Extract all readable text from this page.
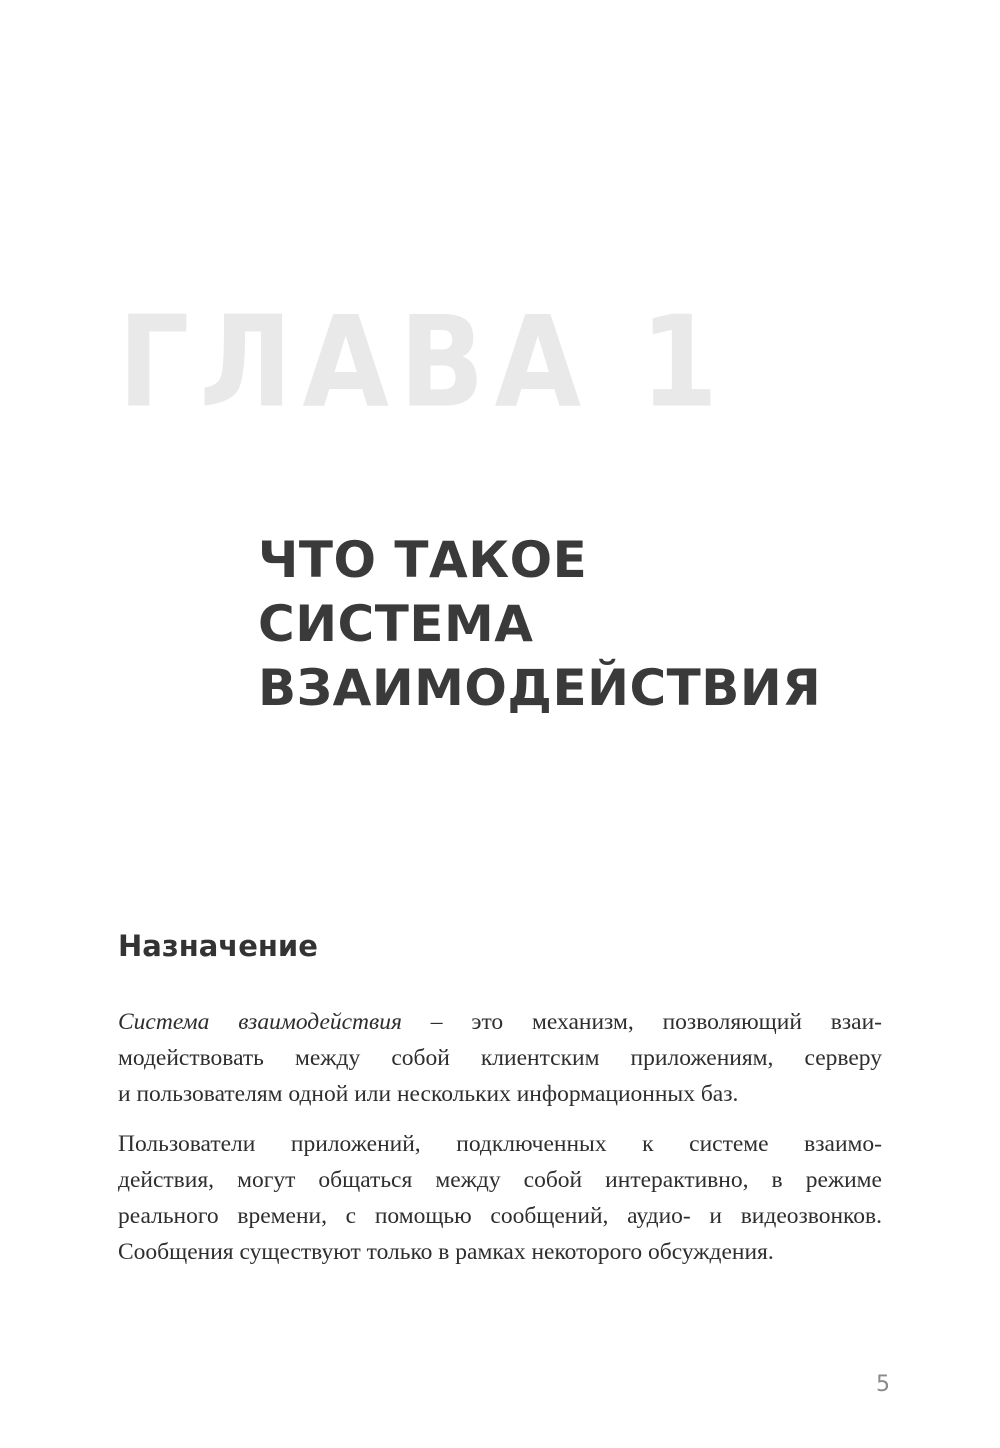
ГЛАВА 1
ЧТО ТАКОЕ
СИСТЕМА
ВЗАИМОДЕЙСТВИЯ
Назначение

Система взаимодействия – это механизм, позволяющий взаи-
модействовать между собой клиентским приложениям, серверу
и пользователям одной или нескольких информационных баз.

Пользователи приложений, подключенных к системе взаимо-
действия, могут общаться между собой интерактивно, в режиме
реального времени, с помощью сообщений, аудио- и видеозвонков.
Сообщения существуют только в рамках некоторого обсуждения.

5
